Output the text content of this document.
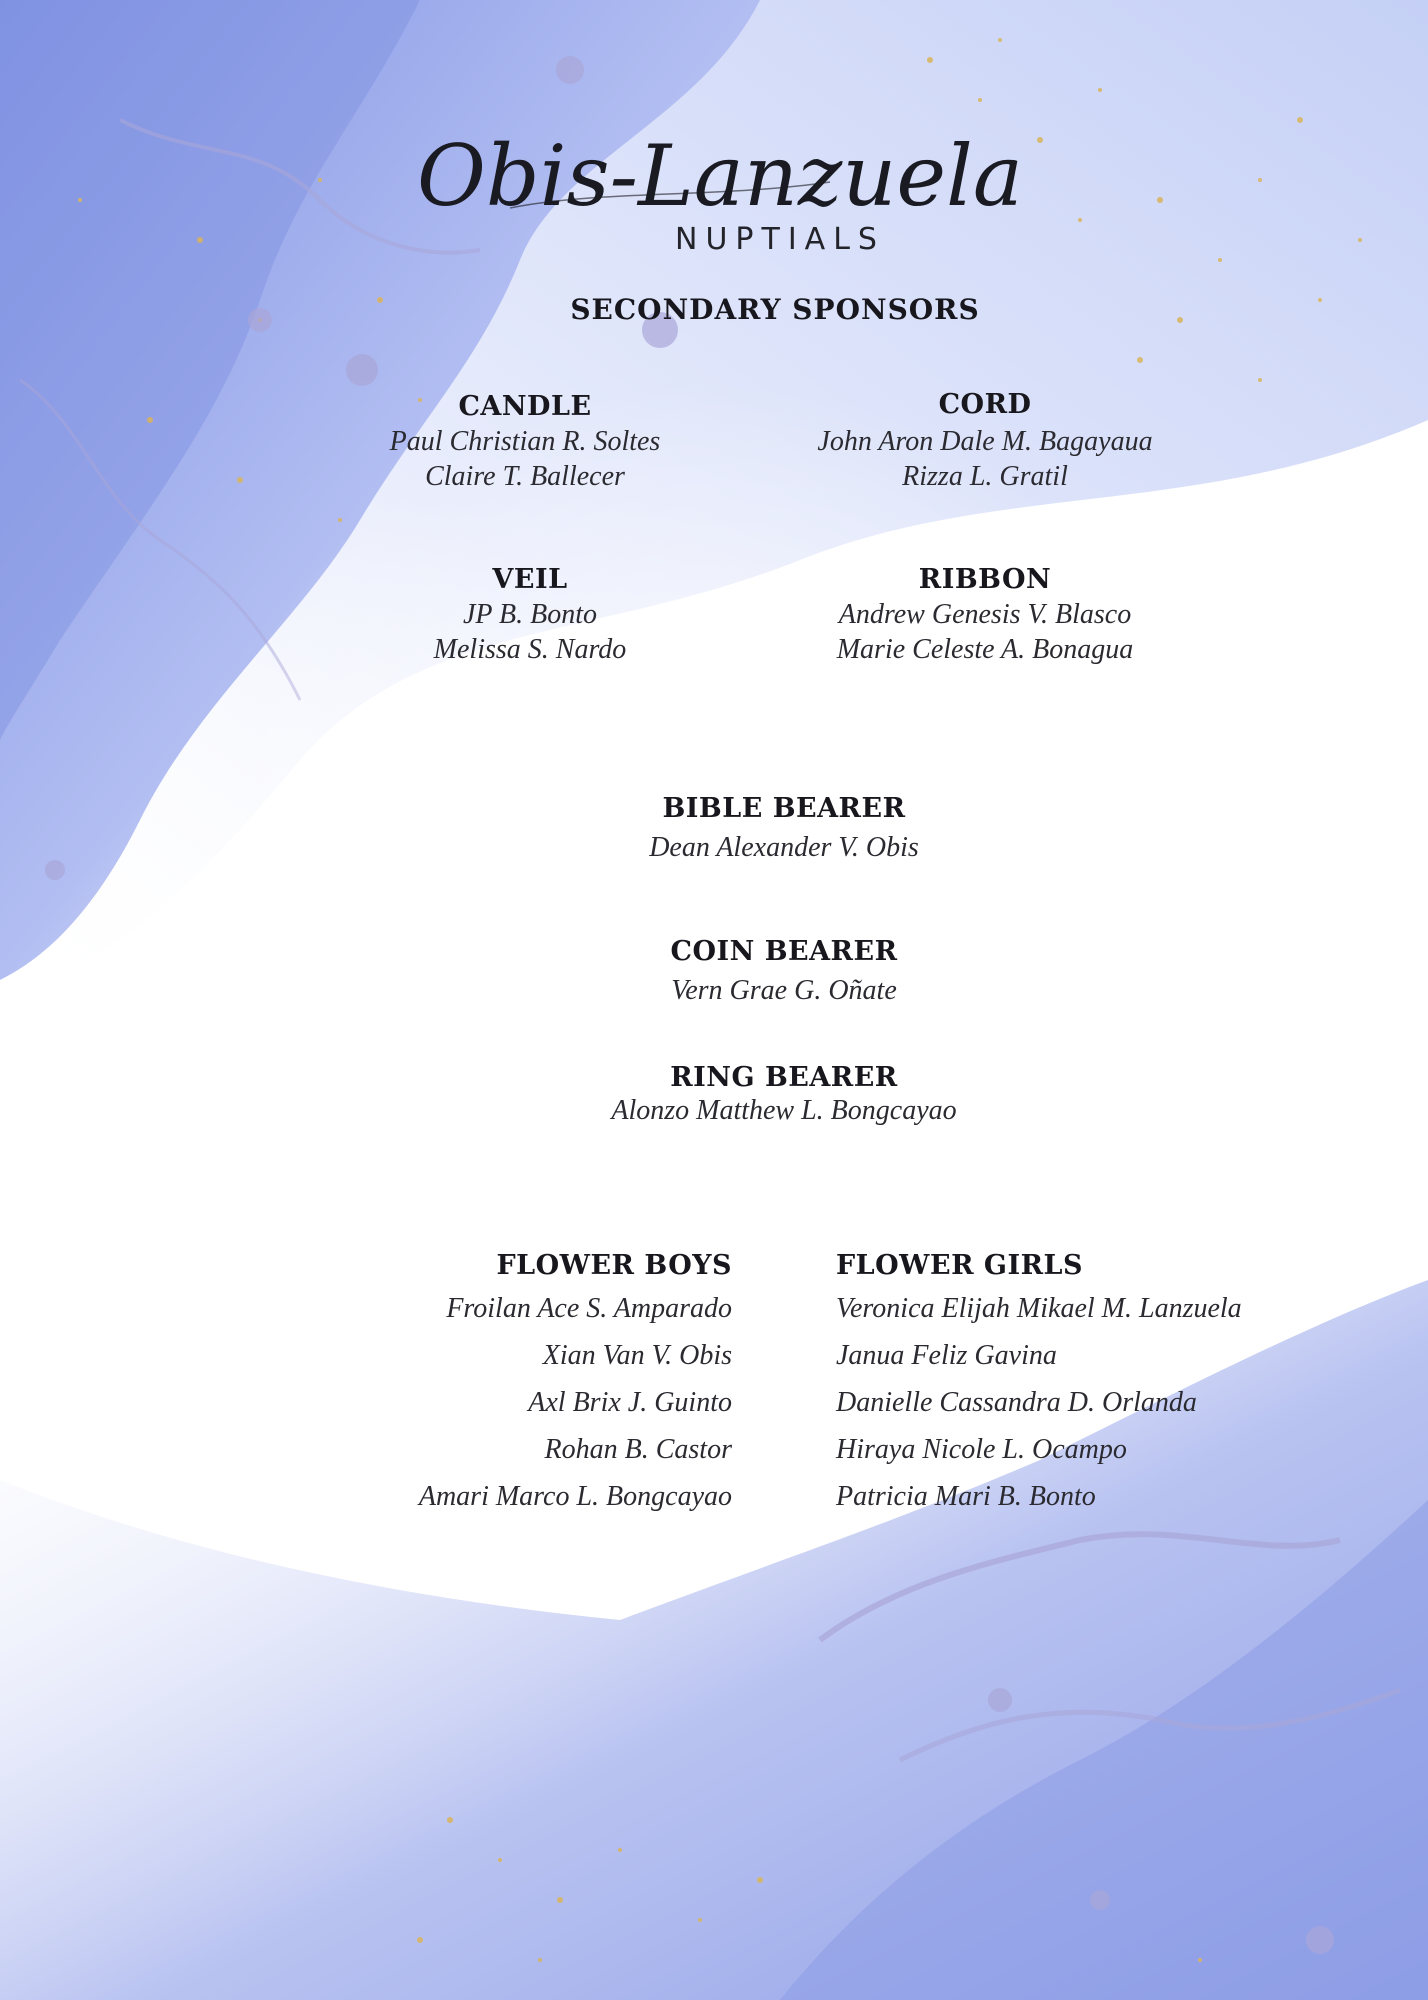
Obis-Lanzuela
NUPTIALS
SECONDARY SPONSORS
CANDLE
Paul Christian R. Soltes
Claire T. Ballecer
CORD
John Aron Dale M. Bagayaua
Rizza L. Gratil
VEIL
JP B. Bonto
Melissa S. Nardo
RIBBON
Andrew Genesis V. Blasco
Marie Celeste A. Bonagua
BIBLE BEARER
Dean Alexander V. Obis
COIN BEARER
Vern Grae G. Oñate
RING BEARER
Alonzo Matthew L. Bongcayao
FLOWER BOYS
Froilan Ace S. Amparado
Xian Van V. Obis
Axl Brix J. Guinto
Rohan B. Castor
Amari Marco L. Bongcayao
FLOWER GIRLS
Veronica Elijah Mikael M. Lanzuela
Janua Feliz Gavina
Danielle Cassandra D. Orlanda
Hiraya Nicole L. Ocampo
Patricia Mari B. Bonto
